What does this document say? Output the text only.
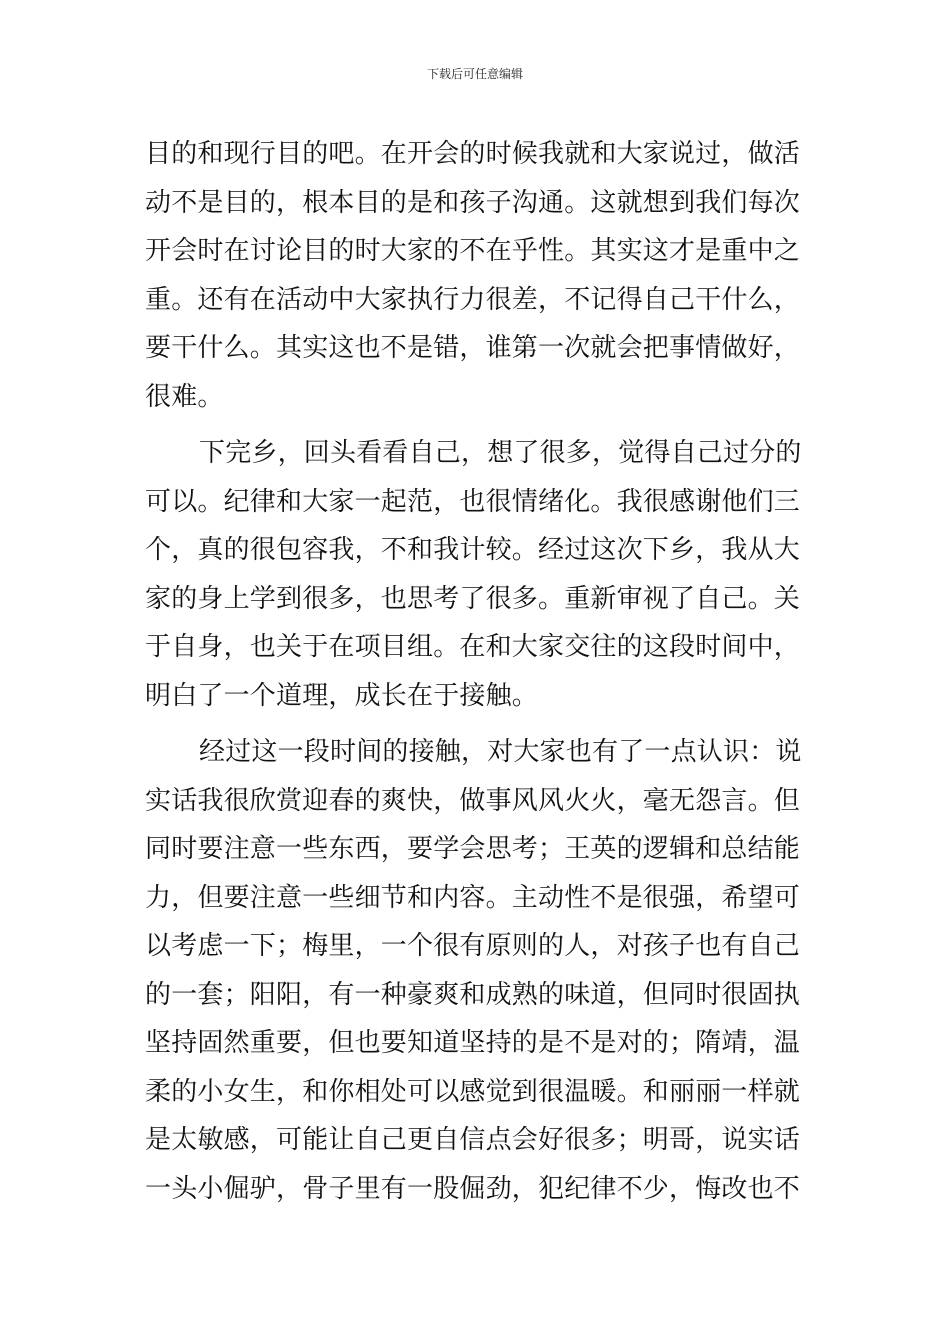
下载后可任意编辑

目的和现行目的吧。在开会的时候我就和大家说过，做活
动不是目的，根本目的是和孩子沟通。这就想到我们每次
开会时在讨论目的时大家的不在乎性。其实这才是重中之
重。还有在活动中大家执行力很差，不记得自己干什么，
要干什么。其实这也不是错，谁第一次就会把事情做好，
很难。

下完乡，回头看看自己，想了很多，觉得自己过分的
可以。纪律和大家一起范，也很情绪化。我很感谢他们三
个，真的很包容我，不和我计较。经过这次下乡，我从大
家的身上学到很多，也思考了很多。重新审视了自己。关
于自身，也关于在项目组。在和大家交往的这段时间中，
明白了一个道理，成长在于接触。

经过这一段时间的接触，对大家也有了一点认识：说
实话我很欣赏迎春的爽快，做事风风火火，毫无怨言。但
同时要注意一些东西，要学会思考；王英的逻辑和总结能
力，但要注意一些细节和内容。主动性不是很强，希望可
以考虑一下；梅里，一个很有原则的人，对孩子也有自己
的一套；阳阳，有一种豪爽和成熟的味道，但同时很固执
坚持固然重要，但也要知道坚持的是不是对的；隋靖，温
柔的小女生，和你相处可以感觉到很温暖。和丽丽一样就
是太敏感，可能让自己更自信点会好很多；明哥，说实话
一头小倔驴，骨子里有一股倔劲，犯纪律不少，悔改也不
